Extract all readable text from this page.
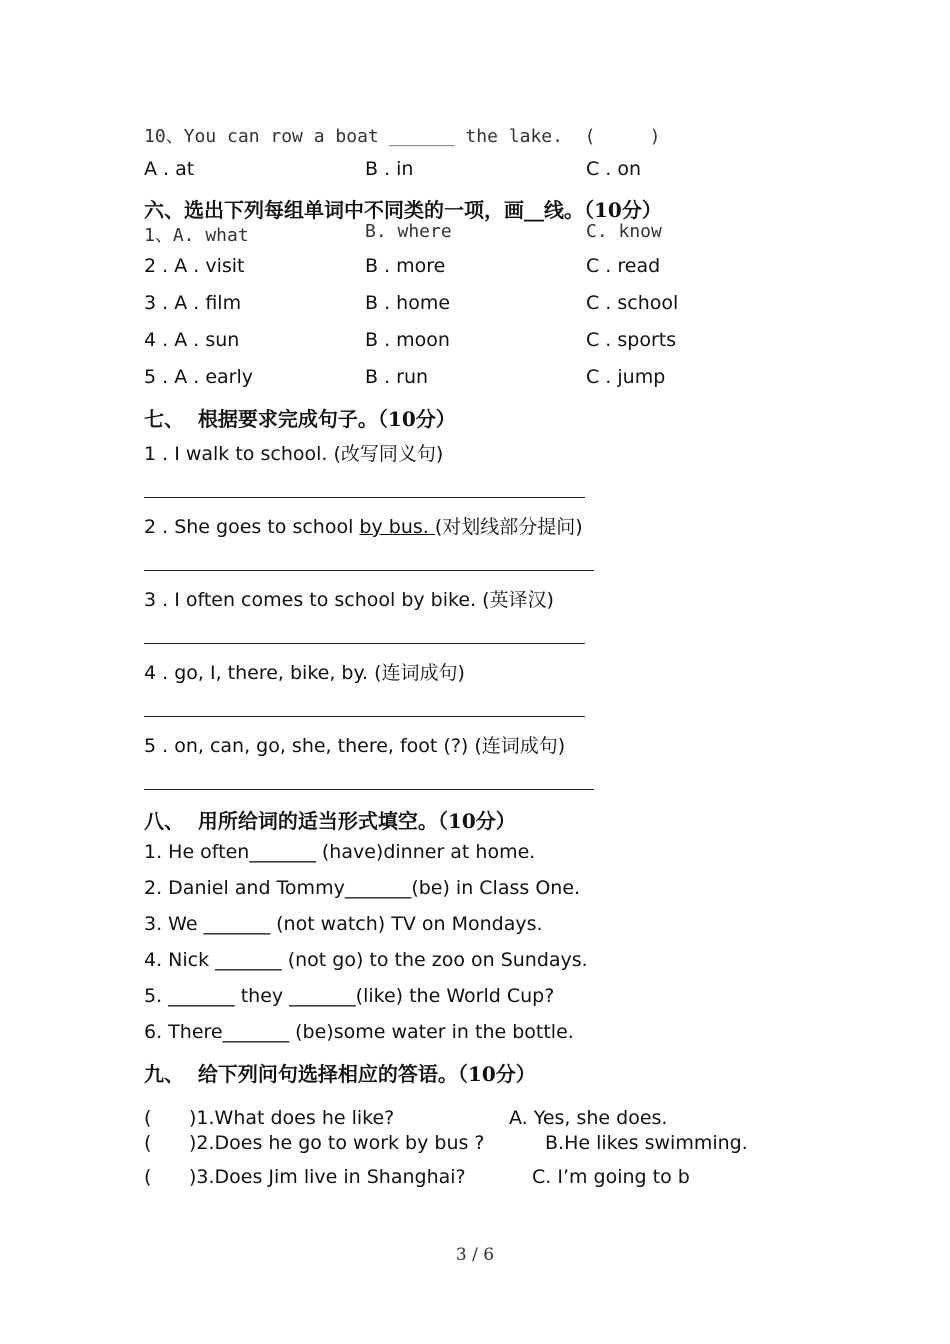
10、You can row a boat ______ the lake.  (     )
A . at	B . in	C . on
六、选出下列每组单词中不同类的一项，画__线。（10分）
1、A. what	B. where	C. know
2 . A . visit	B . more	C . read
3 . A . film	B . home	C . school
4 . A . sun	B . moon	C . sports
5 . A . early	B . run	C . jump
七、  根据要求完成句子。（10分）
1 . I walk to school. (改写同义句)
2 . She goes to school by bus. (对划线部分提问)
3 . I often comes to school by bike. (英译汉)
4 . go, I, there, bike, by. (连词成句)
5 . on, can, go, she, there, foot (?) (连词成句)
八、  用所给词的适当形式填空。（10分）
1. He often_______ (have)dinner at home.
2. Daniel and Tommy_______(be) in Class One.
3. We _______ (not watch) TV on Mondays.
4. Nick _______ (not go) to the zoo on Sundays.
5. _______ they _______(like) the World Cup?
6. There_______ (be)some water in the bottle.
九、  给下列问句选择相应的答语。（10分）
( )1.What does he like?	A. Yes, she does.
( )2.Does he go to work by bus ?	B.He likes swimming.
( )3.Does Jim live in Shanghai?	C. I’m going to b
3 / 6
